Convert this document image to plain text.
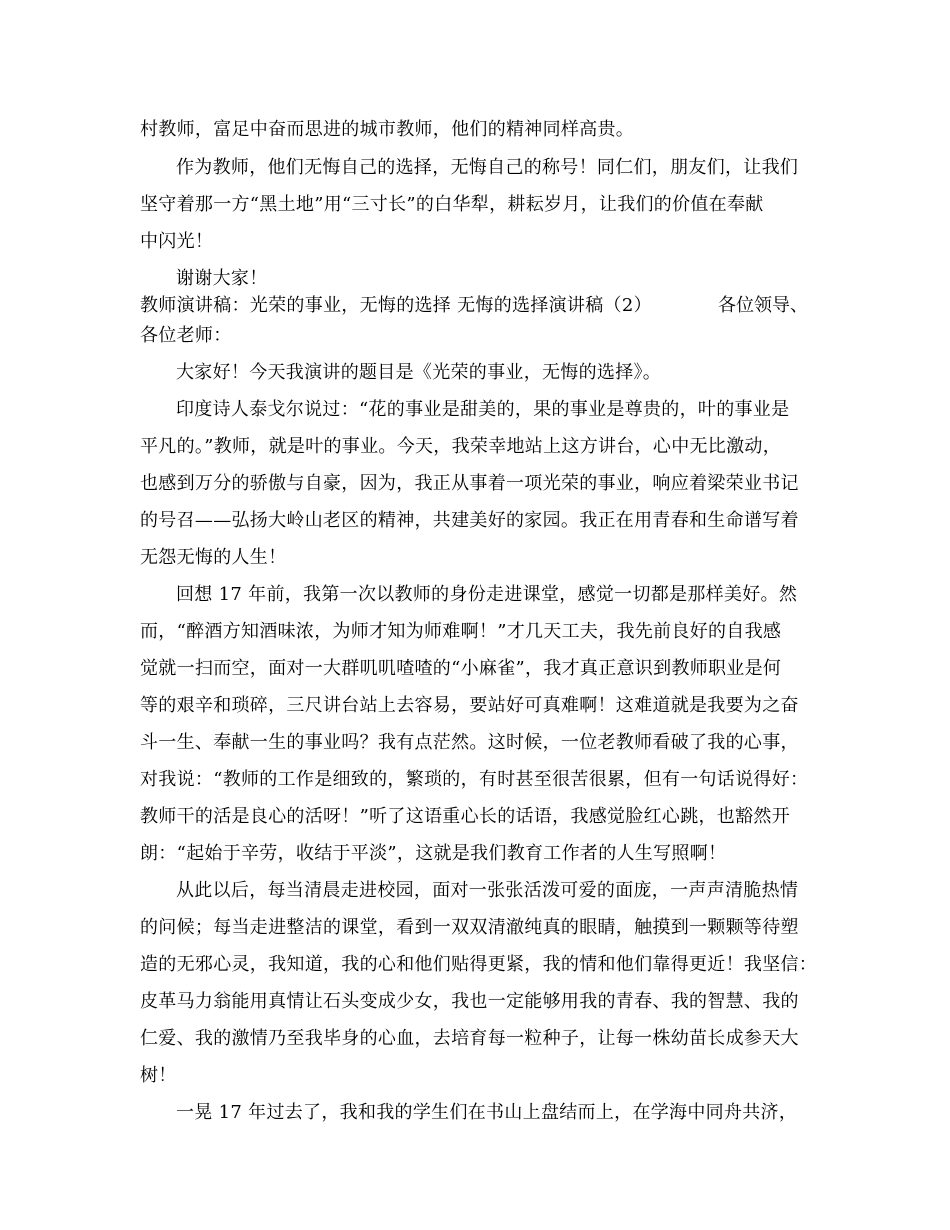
村教师，富足中奋而思进的城市教师，他们的精神同样高贵。
作为教师，他们无悔自己的选择，无悔自己的称号！同仁们，朋友们，让我们
坚守着那一方“黑土地”用“三寸长”的白华犁，耕耘岁月，让我们的价值在奉献
中闪光！
谢谢大家！
教师演讲稿：光荣的事业，无悔的选择 无悔的选择演讲稿（2）	各位领导、
各位老师：
大家好！今天我演讲的题目是《光荣的事业，无悔的选择》。
印度诗人泰戈尔说过：“花的事业是甜美的，果的事业是尊贵的，叶的事业是
平凡的。”教师，就是叶的事业。今天，我荣幸地站上这方讲台，心中无比激动，
也感到万分的骄傲与自豪，因为，我正从事着一项光荣的事业，响应着梁荣业书记
的号召——弘扬大岭山老区的精神，共建美好的家园。我正在用青春和生命谱写着
无怨无悔的人生！
回想 17 年前，我第一次以教师的身份走进课堂，感觉一切都是那样美好。然
而，“醉酒方知酒味浓，为师才知为师难啊！”才几天工夫，我先前良好的自我感
觉就一扫而空，面对一大群叽叽喳喳的“小麻雀”，我才真正意识到教师职业是何
等的艰辛和琐碎，三尺讲台站上去容易，要站好可真难啊！这难道就是我要为之奋
斗一生、奉献一生的事业吗？我有点茫然。这时候，一位老教师看破了我的心事，
对我说：“教师的工作是细致的，繁琐的，有时甚至很苦很累，但有一句话说得好：
教师干的活是良心的活呀！”听了这语重心长的话语，我感觉脸红心跳，也豁然开
朗：“起始于辛劳，收结于平淡”，这就是我们教育工作者的人生写照啊！
从此以后，每当清晨走进校园，面对一张张活泼可爱的面庞，一声声清脆热情
的问候；每当走进整洁的课堂，看到一双双清澈纯真的眼睛，触摸到一颗颗等待塑
造的无邪心灵，我知道，我的心和他们贴得更紧，我的情和他们靠得更近！我坚信：
皮革马力翁能用真情让石头变成少女，我也一定能够用我的青春、我的智慧、我的
仁爱、我的激情乃至我毕身的心血，去培育每一粒种子，让每一株幼苗长成参天大
树！
一晃 17 年过去了，我和我的学生们在书山上盘结而上，在学海中同舟共济，
